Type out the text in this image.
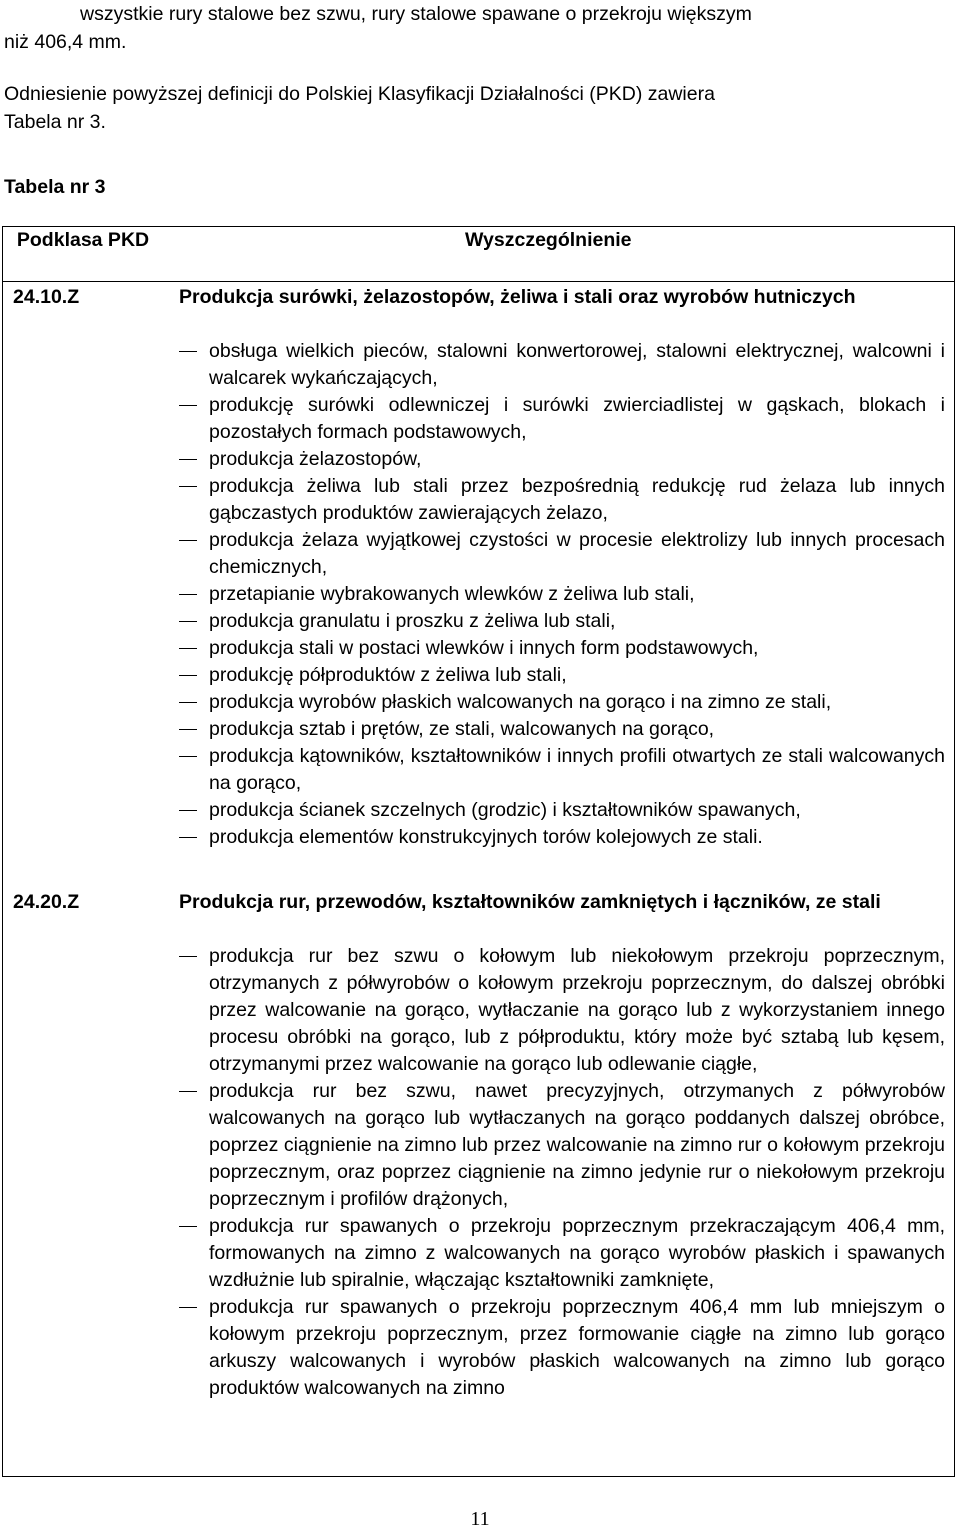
wszystkie rury stalowe bez szwu, rury stalowe spawane o przekroju większym

niż 406,4 mm.

Odniesienie powyższej definicji do Polskiej Klasyfikacji Działalności (PKD) zawiera

Tabela nr 3.

Tabela nr 3
Podklasa PKD	Wyszczególnienie
24.10.Z	Produkcja surówki, żelazostopów, żeliwa i stali oraz wyrobów hutniczych
obsługa wielkich pieców, stalowni konwertorowej, stalowni elektrycznej, walcowni i walcarek wykańczających,
produkcję surówki odlewniczej i surówki zwierciadlistej w gąskach, blokach i pozostałych formach podstawowych,
produkcja żelazostopów,
produkcja żeliwa lub stali przez bezpośrednią redukcję rud żelaza lub innych gąbczastych produktów zawierających żelazo,
produkcja żelaza wyjątkowej czystości w procesie elektrolizy lub innych procesach chemicznych,
przetapianie wybrakowanych wlewków z żeliwa lub stali,
produkcja granulatu i proszku z żeliwa lub stali,
produkcja stali w postaci wlewków i innych form podstawowych,
produkcję półproduktów z żeliwa lub stali,
produkcja wyrobów płaskich walcowanych na gorąco i na zimno ze stali,
produkcja sztab i prętów, ze stali, walcowanych na gorąco,
produkcja kątowników, kształtowników i innych profili otwartych ze stali walcowanych na gorąco,
produkcja ścianek szczelnych (grodzic) i kształtowników spawanych,
produkcja elementów konstrukcyjnych torów kolejowych ze stali.
24.20.Z	Produkcja rur, przewodów, kształtowników zamkniętych i łączników, ze stali
produkcja rur bez szwu o kołowym lub niekołowym przekroju poprzecznym, otrzymanych z półwyrobów o kołowym przekroju poprzecznym, do dalszej obróbki przez walcowanie na gorąco, wytłaczanie na gorąco lub z wykorzystaniem innego procesu obróbki na gorąco, lub z półproduktu, który może być sztabą lub kęsem, otrzymanymi przez walcowanie na gorąco lub odlewanie ciągłe,
produkcja rur bez szwu, nawet precyzyjnych, otrzymanych z półwyrobów walcowanych na gorąco lub wytłaczanych na gorąco poddanych dalszej obróbce, poprzez ciągnienie na zimno lub przez walcowanie na zimno rur o kołowym przekroju poprzecznym, oraz poprzez ciągnienie na zimno jedynie rur o niekołowym przekroju poprzecznym i profilów drążonych,
produkcja rur spawanych o przekroju poprzecznym przekraczającym 406,4 mm, formowanych na zimno z walcowanych na gorąco wyrobów płaskich i spawanych wzdłużnie lub spiralnie, włączając kształtowniki zamknięte,
produkcja rur spawanych o przekroju poprzecznym 406,4 mm lub mniejszym o kołowym przekroju poprzecznym, przez formowanie ciągłe na zimno lub gorąco arkuszy walcowanych i wyrobów płaskich walcowanych na zimno lub gorąco produktów walcowanych na zimno
11
